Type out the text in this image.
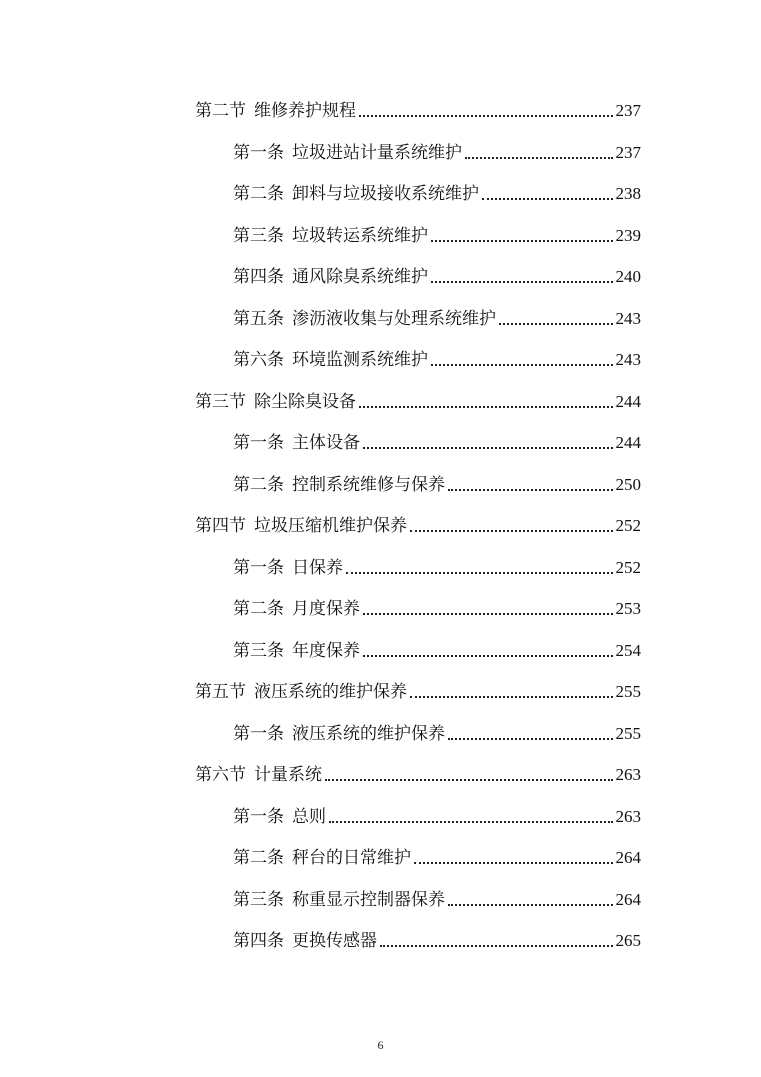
第二节 维修养护规程	237
第一条 垃圾进站计量系统维护	237
第二条 卸料与垃圾接收系统维护	238
第三条 垃圾转运系统维护	239
第四条 通风除臭系统维护	240
第五条 渗沥液收集与处理系统维护	243
第六条 环境监测系统维护	243
第三节 除尘除臭设备	244
第一条 主体设备	244
第二条 控制系统维修与保养	250
第四节 垃圾压缩机维护保养	252
第一条 日保养	252
第二条 月度保养	253
第三条 年度保养	254
第五节 液压系统的维护保养	255
第一条 液压系统的维护保养	255
第六节 计量系统	263
第一条 总则	263
第二条 秤台的日常维护	264
第三条 称重显示控制器保养	264
第四条 更换传感器	265
6
